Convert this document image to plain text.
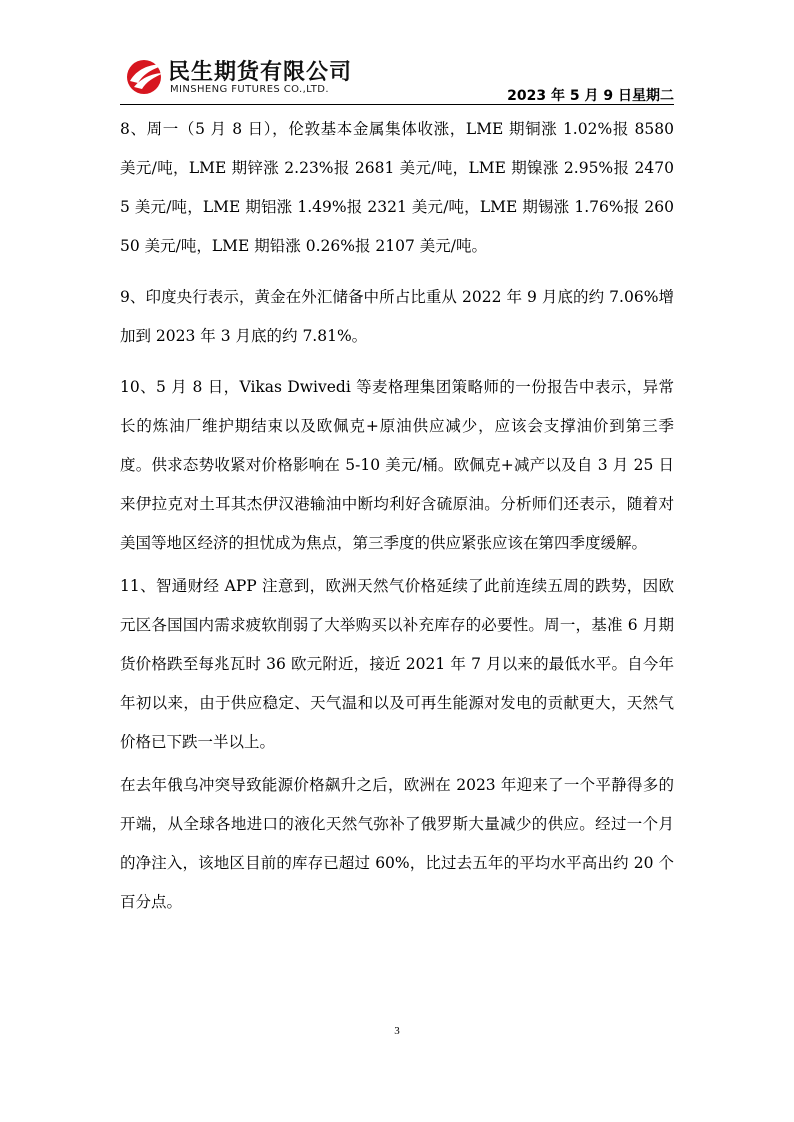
民生期货有限公司
MINSHENG FUTURES CO.,LTD.	2023 年 5 月 9 日星期二

8、周一（5 月 8 日），伦敦基本金属集体收涨，LME 期铜涨 1.02%报 8580 美元/吨，LME 期锌涨 2.23%报 2681 美元/吨，LME 期镍涨 2.95%报 24705 美元/吨，LME 期铝涨 1.49%报 2321 美元/吨，LME 期锡涨 1.76%报 26050 美元/吨，LME 期铅涨 0.26%报 2107 美元/吨。

9、印度央行表示，黄金在外汇储备中所占比重从 2022 年 9 月底的约 7.06%增加到 2023 年 3 月底的约 7.81%。

10、5 月 8 日，Vikas Dwivedi 等麦格理集团策略师的一份报告中表示，异常长的炼油厂维护期结束以及欧佩克+原油供应减少，应该会支撑油价到第三季度。供求态势收紧对价格影响在 5-10 美元/桶。欧佩克+减产以及自 3 月 25 日来伊拉克对土耳其杰伊汉港输油中断均利好含硫原油。分析师们还表示，随着对美国等地区经济的担忧成为焦点，第三季度的供应紧张应该在第四季度缓解。

11、智通财经 APP 注意到，欧洲天然气价格延续了此前连续五周的跌势，因欧元区各国国内需求疲软削弱了大举购买以补充库存的必要性。周一，基准 6 月期货价格跌至每兆瓦时 36 欧元附近，接近 2021 年 7 月以来的最低水平。自今年年初以来，由于供应稳定、天气温和以及可再生能源对发电的贡献更大，天然气价格已下跌一半以上。

在去年俄乌冲突导致能源价格飙升之后，欧洲在 2023 年迎来了一个平静得多的开端，从全球各地进口的液化天然气弥补了俄罗斯大量减少的供应。经过一个月的净注入，该地区目前的库存已超过 60%，比过去五年的平均水平高出约 20 个百分点。

3
